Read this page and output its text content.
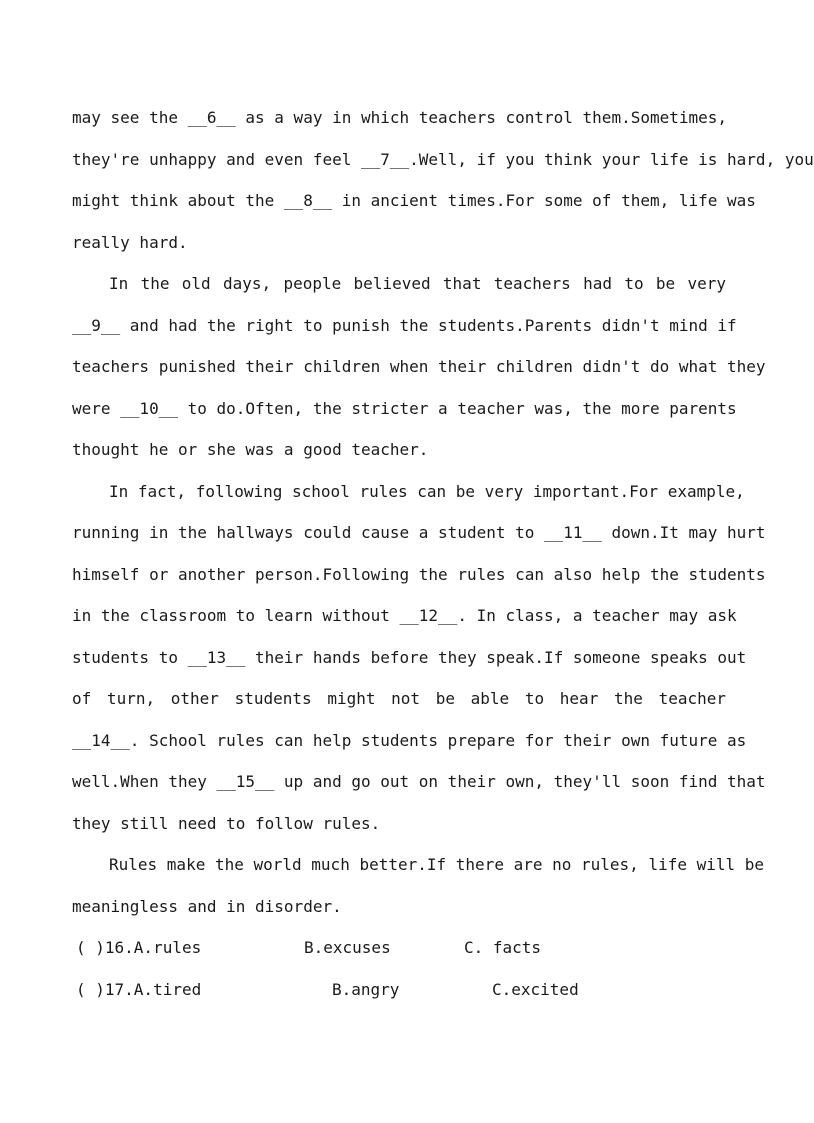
may see the __6__ as a way in which teachers control them.Sometimes,
they're unhappy and even feel __7__.Well, if you think your life is hard, you
might think about the __8__ in ancient times.For some of them, life was
really hard.
In the old days, people believed that teachers had to be very
__9__ and had the right to punish the students.Parents didn't mind if
teachers punished their children when their children didn't do what they
were __10__ to do.Often, the stricter a teacher was, the more parents
thought he or she was a good teacher.
In fact, following school rules can be very important.For example,
running in the hallways could cause a student to __11__ down.It may hurt
himself or another person.Following the rules can also help the students
in the classroom to learn without __12__. In class, a teacher may ask
students to __13__ their hands before they speak.If someone speaks out
of turn, other students might not be able to hear the teacher
__14__. School rules can help students prepare for their own future as
well.When they __15__ up and go out on their own, they'll soon find that
they still need to follow rules.
Rules make the world much better.If there are no rules, life will be
meaningless and in disorder.
( )16.A.rules	B.excuses	C. facts
( )17.A.tired	B.angry	C.excited
